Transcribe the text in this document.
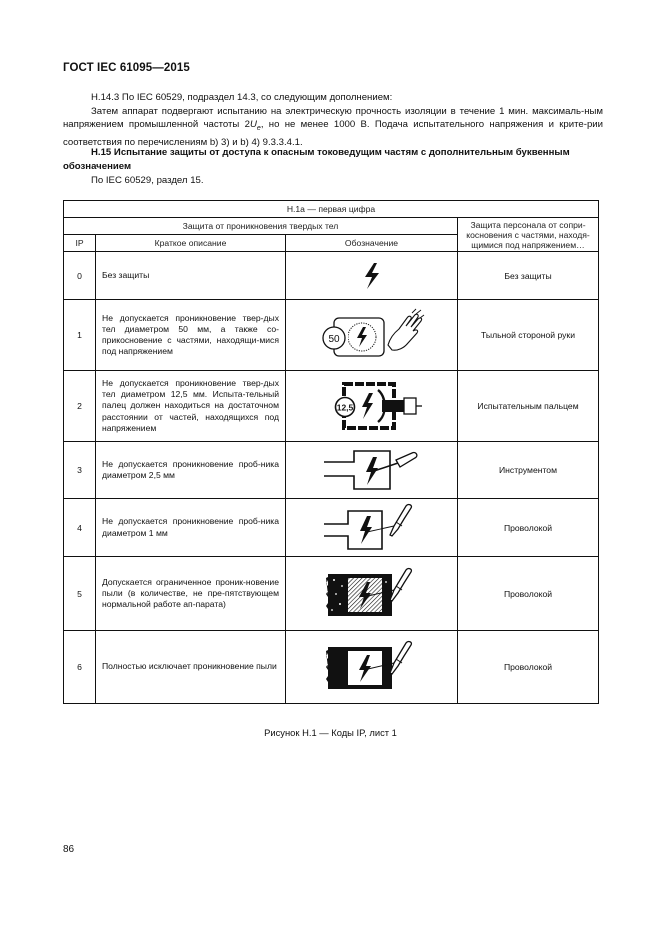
ГОСТ IEC 61095—2015

Н.14.3 По IEC 60529, подраздел 14.3, со следующим дополнением:

Затем аппарат подвергают испытанию на электрическую прочность изоляции в течение 1 мин. максималь-ным напряжением промышленной частоты $2U_e$, но не менее 1000 В. Подача испытательного напряжения и крите-рии соответствия по перечислениям b) 3) и b) 4) 9.3.3.4.1.

Н.15 Испытание защиты от доступа к опасным токоведущим частям с дополнительным буквенным обозначением
По IEC 60529, раздел 15.
Н.1а — первая цифра			
Защита от проникновения твердых тел			Защита персонала от сопри-косновения с частями, находя-щимися под напряжением…
IP	Краткое описание	Обозначение	
0	Без защиты		Без защиты
1	Не допускается проникновение твер-дых тел диаметром 50 мм, а также со-прикосновение с частями, находящи-мися под напряжением	50	Тыльной стороной руки
2	Не допускается проникновение твер-дых тел диаметром 12,5 мм. Испыта-тельный палец должен находиться на достаточном расстоянии от частей, находящихся под напряжением	12,5	Испытательным пальцем
3	Не допускается проникновение проб-ника диаметром 2,5 мм		Инструментом
4	Не допускается проникновение проб-ника диаметром 1 мм		Проволокой
5	Допускается ограниченное проник-новение пыли (в количестве, не пре-пятствующем нормальной работе ап-парата)		Проволокой
6	Полностью исключает проникновение пыли		Проволокой
Рисунок Н.1 — Коды IP, лист 1
86
